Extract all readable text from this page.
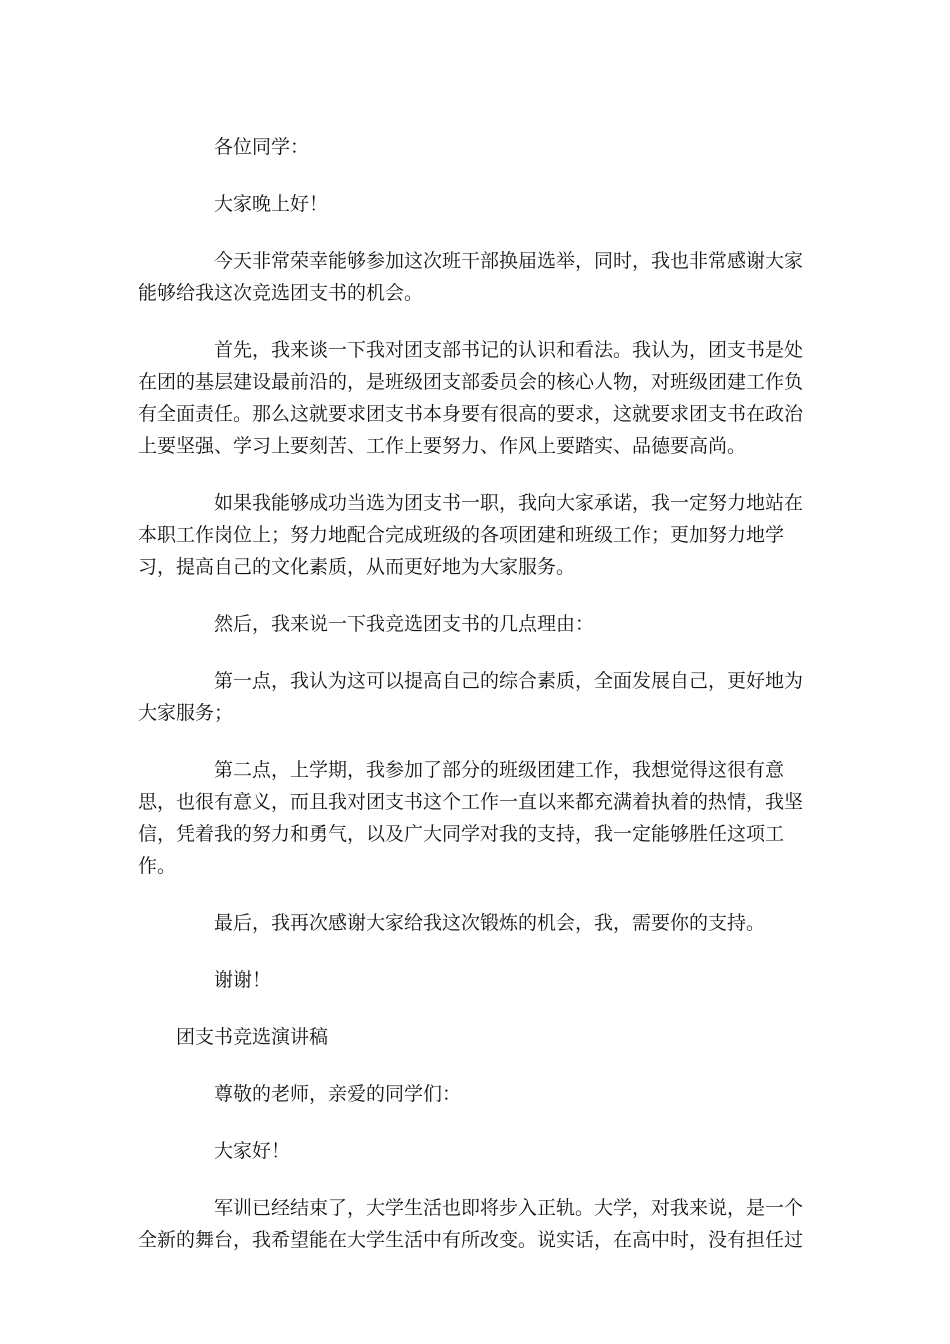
各位同学：

大家晚上好！

今天非常荣幸能够参加这次班干部换届选举，同时，我也非常感谢大家能够给我这次竞选团支书的机会。

首先，我来谈一下我对团支部书记的认识和看法。我认为，团支书是处在团的基层建设最前沿的，是班级团支部委员会的核心人物，对班级团建工作负有全面责任。那么这就要求团支书本身要有很高的要求，这就要求团支书在政治上要坚强、学习上要刻苦、工作上要努力、作风上要踏实、品德要高尚。

如果我能够成功当选为团支书一职，我向大家承诺，我一定努力地站在本职工作岗位上；努力地配合完成班级的各项团建和班级工作；更加努力地学习，提高自己的文化素质，从而更好地为大家服务。

然后，我来说一下我竞选团支书的几点理由：

第一点，我认为这可以提高自己的综合素质，全面发展自己，更好地为大家服务；

第二点，上学期，我参加了部分的班级团建工作，我想觉得这很有意思，也很有意义，而且我对团支书这个工作一直以来都充满着执着的热情，我坚信，凭着我的努力和勇气，以及广大同学对我的支持，我一定能够胜任这项工作。

最后，我再次感谢大家给我这次锻炼的机会，我，需要你的支持。

谢谢！

团支书竞选演讲稿

尊敬的老师，亲爱的同学们：

大家好！

军训已经结束了，大学生活也即将步入正轨。大学，对我来说，是一个全新的舞台，我希望能在大学生活中有所改变。说实话，在高中时，没有担任过
